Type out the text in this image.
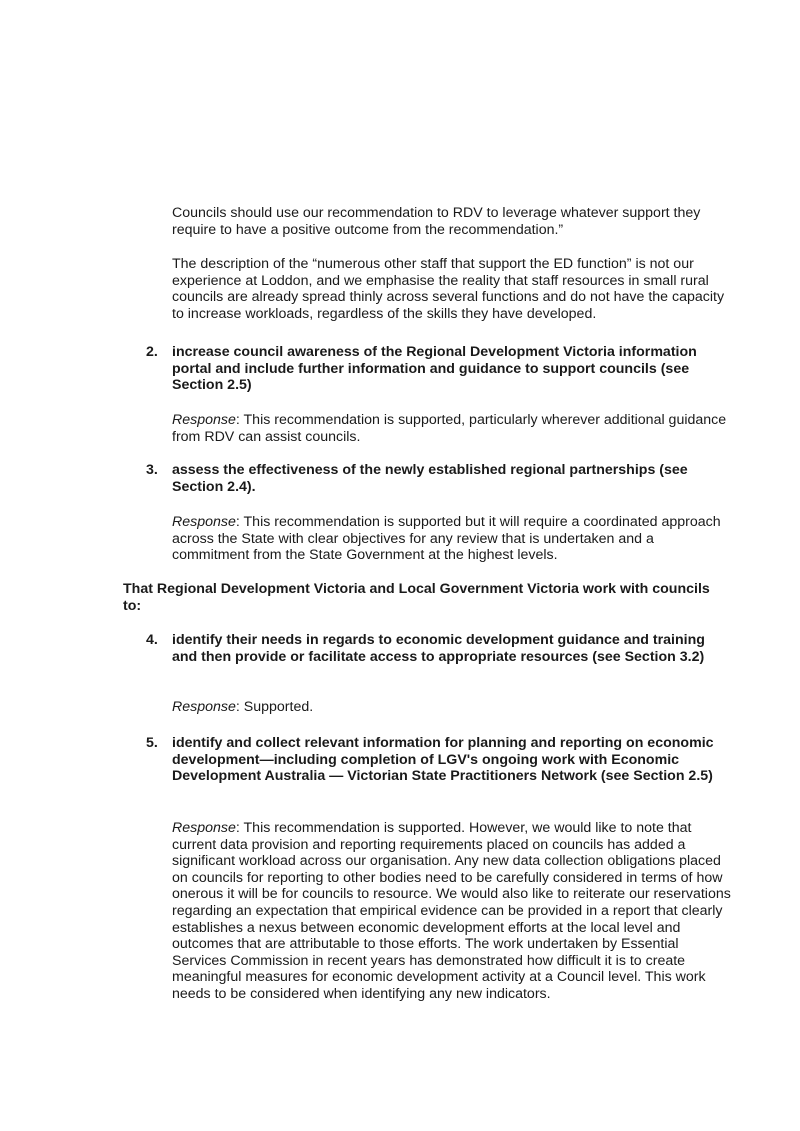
Councils should use our recommendation to RDV to leverage whatever support they require to have a positive outcome from the recommendation.”

The description of the “numerous other staff that support the ED function” is not our experience at Loddon, and we emphasise the reality that staff resources in small rural councils are already spread thinly across several functions and do not have the capacity to increase workloads, regardless of the skills they have developed.

2. increase council awareness of the Regional Development Victoria information portal and include further information and guidance to support councils (see Section 2.5)

Response: This recommendation is supported, particularly wherever additional guidance from RDV can assist councils.

3. assess the effectiveness of the newly established regional partnerships (see Section 2.4).

Response: This recommendation is supported but it will require a coordinated approach across the State with clear objectives for any review that is undertaken and a commitment from the State Government at the highest levels.

That Regional Development Victoria and Local Government Victoria work with councils to:

4. identify their needs in regards to economic development guidance and training and then provide or facilitate access to appropriate resources (see Section 3.2)

Response: Supported.

5. identify and collect relevant information for planning and reporting on economic development—including completion of LGV's ongoing work with Economic Development Australia — Victorian State Practitioners Network (see Section 2.5)

Response: This recommendation is supported. However, we would like to note that current data provision and reporting requirements placed on councils has added a significant workload across our organisation. Any new data collection obligations placed on councils for reporting to other bodies need to be carefully considered in terms of how onerous it will be for councils to resource. We would also like to reiterate our reservations regarding an expectation that empirical evidence can be provided in a report that clearly establishes a nexus between economic development efforts at the local level and outcomes that are attributable to those efforts. The work undertaken by Essential Services Commission in recent years has demonstrated how difficult it is to create meaningful measures for economic development activity at a Council level. This work needs to be considered when identifying any new indicators.
